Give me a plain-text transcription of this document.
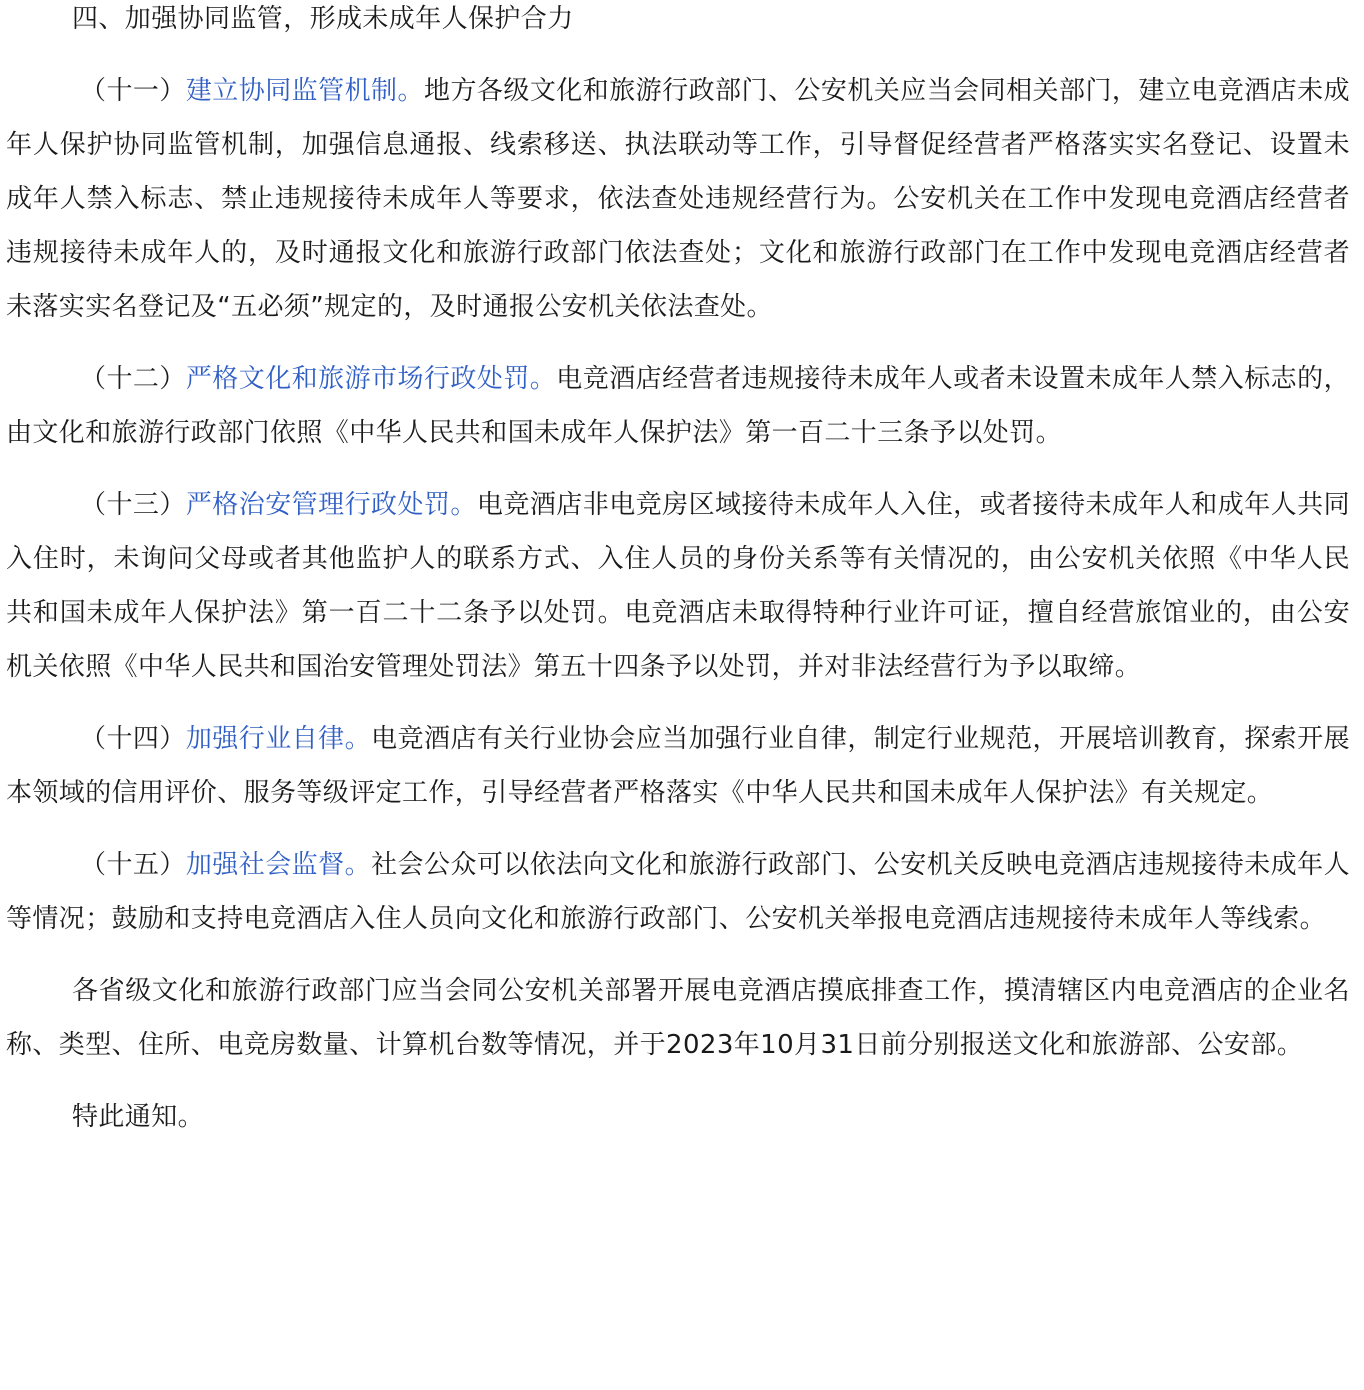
四、加强协同监管，形成未成年人保护合力

（十一）建立协同监管机制。地方各级文化和旅游行政部门、公安机关应当会同相关部门，建立电竞酒店未成年人保护协同监管机制，加强信息通报、线索移送、执法联动等工作，引导督促经营者严格落实实名登记、设置未成年人禁入标志、禁止违规接待未成年人等要求，依法查处违规经营行为。公安机关在工作中发现电竞酒店经营者违规接待未成年人的，及时通报文化和旅游行政部门依法查处；文化和旅游行政部门在工作中发现电竞酒店经营者未落实实名登记及“五必须”规定的，及时通报公安机关依法查处。

（十二）严格文化和旅游市场行政处罚。电竞酒店经营者违规接待未成年人或者未设置未成年人禁入标志的，由文化和旅游行政部门依照《中华人民共和国未成年人保护法》第一百二十三条予以处罚。

（十三）严格治安管理行政处罚。电竞酒店非电竞房区域接待未成年人入住，或者接待未成年人和成年人共同入住时，未询问父母或者其他监护人的联系方式、入住人员的身份关系等有关情况的，由公安机关依照《中华人民共和国未成年人保护法》第一百二十二条予以处罚。电竞酒店未取得特种行业许可证，擅自经营旅馆业的，由公安机关依照《中华人民共和国治安管理处罚法》第五十四条予以处罚，并对非法经营行为予以取缔。

（十四）加强行业自律。电竞酒店有关行业协会应当加强行业自律，制定行业规范，开展培训教育，探索开展本领域的信用评价、服务等级评定工作，引导经营者严格落实《中华人民共和国未成年人保护法》有关规定。

（十五）加强社会监督。社会公众可以依法向文化和旅游行政部门、公安机关反映电竞酒店违规接待未成年人等情况；鼓励和支持电竞酒店入住人员向文化和旅游行政部门、公安机关举报电竞酒店违规接待未成年人等线索。

各省级文化和旅游行政部门应当会同公安机关部署开展电竞酒店摸底排查工作，摸清辖区内电竞酒店的企业名称、类型、住所、电竞房数量、计算机台数等情况，并于2023年10月31日前分别报送文化和旅游部、公安部。

特此通知。
